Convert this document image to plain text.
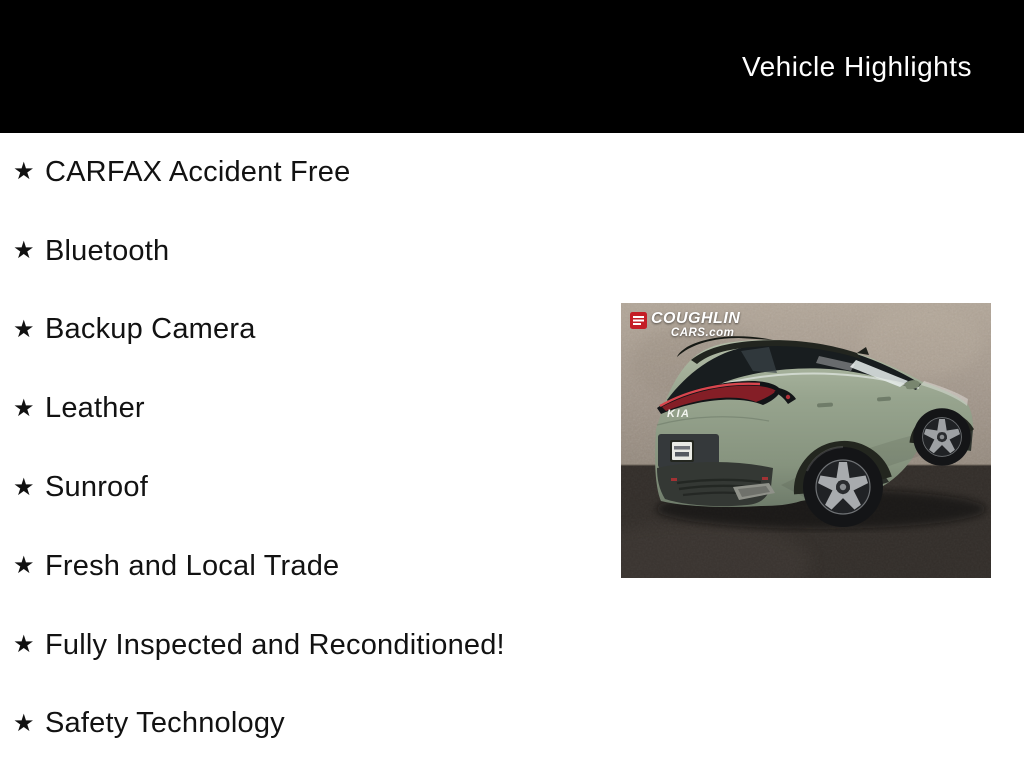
Vehicle Highlights
★ CARFAX Accident Free
★ Bluetooth
★ Backup Camera
★ Leather
★ Sunroof
★ Fresh and Local Trade
★ Fully Inspected and Reconditioned!
★ Safety Technology
KIA
COUGHLIN
CARS.com
